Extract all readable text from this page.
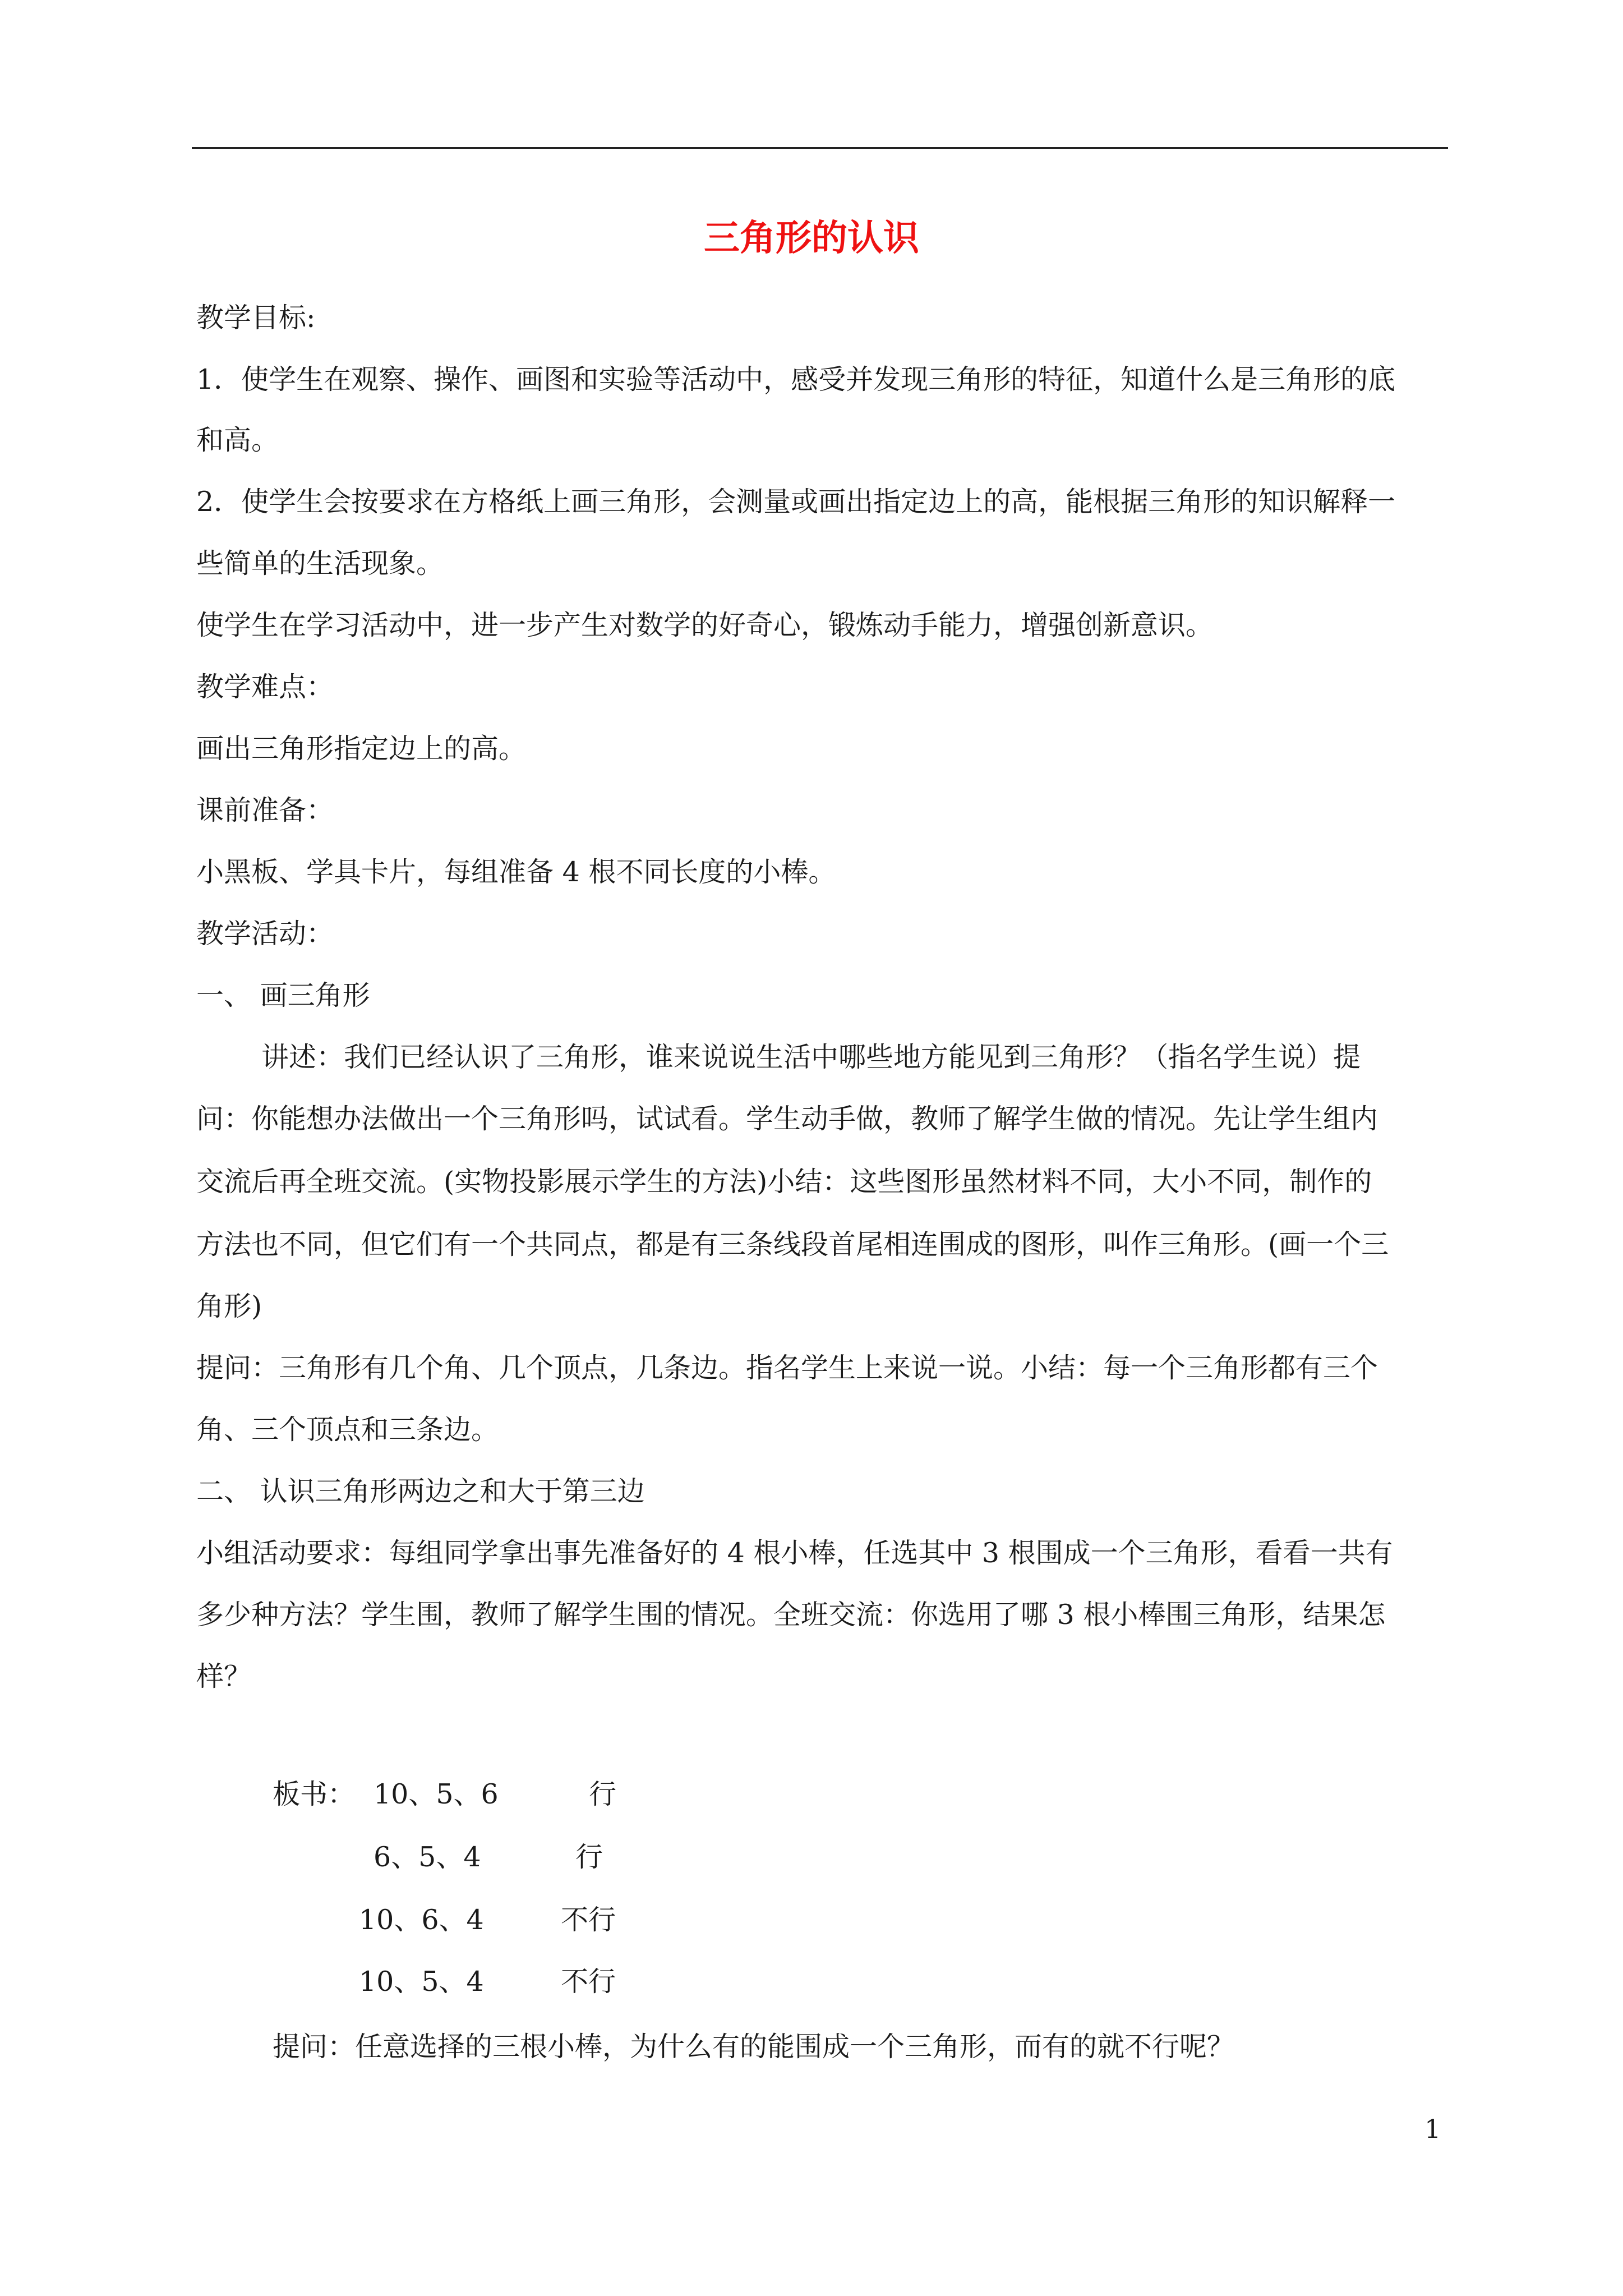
三角形的认识
教学目标:
1．使学生在观察、操作、画图和实验等活动中，感受并发现三角形的特征，知道什么是三角形的底
和高。
2．使学生会按要求在方格纸上画三角形，会测量或画出指定边上的高，能根据三角形的知识解释一
些简单的生活现象。
使学生在学习活动中，进一步产生对数学的好奇心，锻炼动手能力，增强创新意识。
教学难点：
画出三角形指定边上的高。
课前准备：
小黑板、学具卡片，每组准备 4 根不同长度的小棒。
教学活动：
一、 画三角形
讲述：我们已经认识了三角形，谁来说说生活中哪些地方能见到三角形？（指名学生说）提
问：你能想办法做出一个三角形吗，试试看。学生动手做，教师了解学生做的情况。先让学生组内
交流后再全班交流。(实物投影展示学生的方法)小结：这些图形虽然材料不同，大小不同，制作的
方法也不同，但它们有一个共同点，都是有三条线段首尾相连围成的图形，叫作三角形。(画一个三
角形)
提问：三角形有几个角、几个顶点，几条边。指名学生上来说一说。小结：每一个三角形都有三个
角、三个顶点和三条边。
二、 认识三角形两边之和大于第三边
小组活动要求：每组同学拿出事先准备好的 4 根小棒，任选其中 3 根围成一个三角形，看看一共有
多少种方法？学生围，教师了解学生围的情况。全班交流：你选用了哪 3 根小棒围三角形，结果怎
样？
板书： 10、5、6	行
6、5、4	行
10、6、4	不行
10、5、4	不行
提问：任意选择的三根小棒，为什么有的能围成一个三角形，而有的就不行呢？
1
